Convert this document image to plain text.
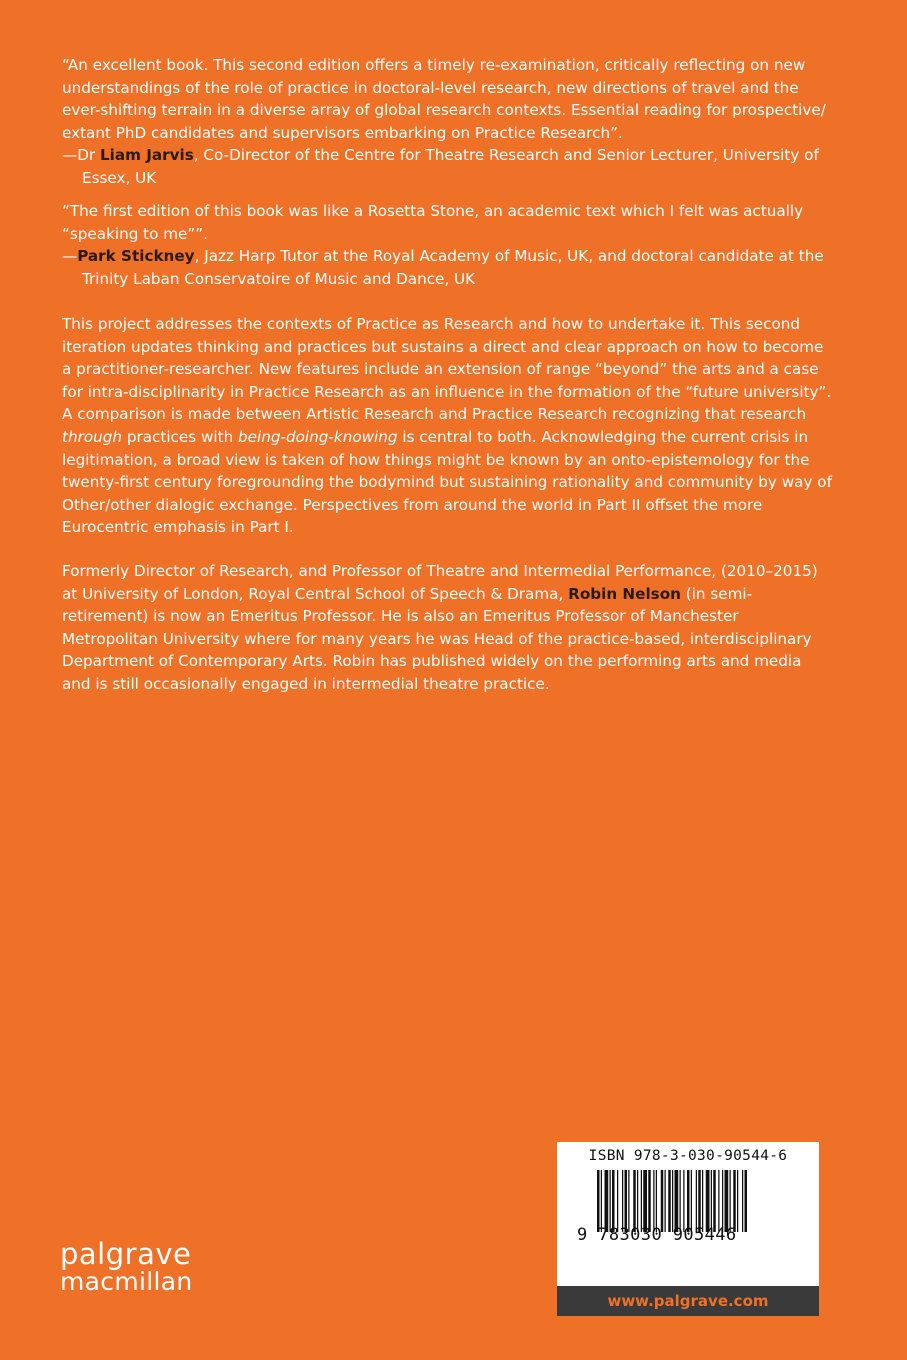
“An excellent book. This second edition offers a timely re-examination, critically reflecting on new understandings of the role of practice in doctoral-level research, new directions of travel and the ever-shifting terrain in a diverse array of global research contexts. Essential reading for prospective/ extant PhD candidates and supervisors embarking on Practice Research”.

—Dr Liam Jarvis, Co-Director of the Centre for Theatre Research and Senior Lecturer, University of Essex, UK

“The first edition of this book was like a Rosetta Stone, an academic text which I felt was actually “speaking to me””.

—Park Stickney, Jazz Harp Tutor at the Royal Academy of Music, UK, and doctoral candidate at the Trinity Laban Conservatoire of Music and Dance, UK

This project addresses the contexts of Practice as Research and how to undertake it. This second iteration updates thinking and practices but sustains a direct and clear approach on how to become a practitioner-researcher. New features include an extension of range “beyond” the arts and a case for intra-disciplinarity in Practice Research as an influence in the formation of the “future university”. A comparison is made between Artistic Research and Practice Research recognizing that research through practices with being-doing-knowing is central to both. Acknowledging the current crisis in legitimation, a broad view is taken of how things might be known by an onto-epistemology for the twenty-first century foregrounding the bodymind but sustaining rationality and community by way of Other/other dialogic exchange. Perspectives from around the world in Part II offset the more Eurocentric emphasis in Part I.

Formerly Director of Research, and Professor of Theatre and Intermedial Performance, (2010–2015) at University of London, Royal Central School of Speech & Drama, Robin Nelson (in semi-retirement) is now an Emeritus Professor. He is also an Emeritus Professor of Manchester Metropolitan University where for many years he was Head of the practice-based, interdisciplinary Department of Contemporary Arts. Robin has published widely on the performing arts and media and is still occasionally engaged in intermedial theatre practice.

palgrave
macmillan
ISBN 978-3-030-90544-6
9 783030 905446
www.palgrave.com
